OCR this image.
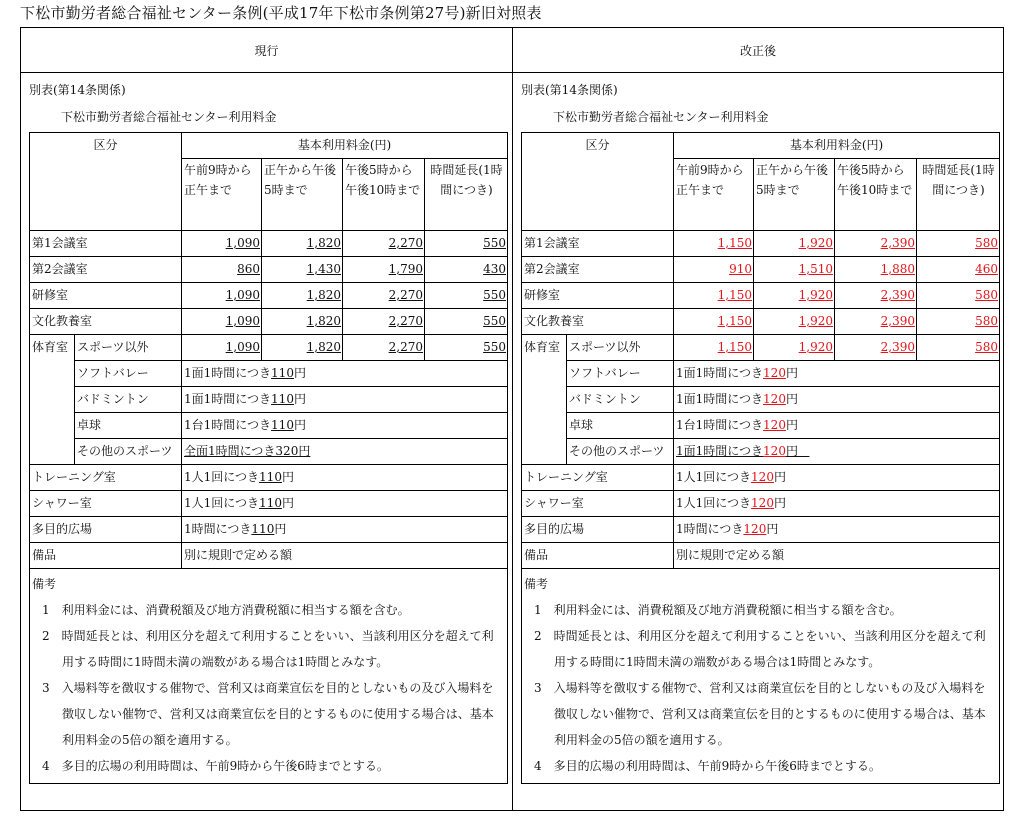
下松市勤労者総合福祉センター条例(平成17年下松市条例第27号)新旧対照表
現行	改正後
別表(第14条関係)
下松市勤労者総合福祉センター利用料金
区分		基本利用料金(円)			
		午前9時から正午まで	正午から午後5時まで	午後5時から午後10時まで	時間延長(1時間につき)
第1会議室		1,090	1,820	2,270	550
第2会議室		860	1,430	1,790	430
研修室		1,090	1,820	2,270	550
文化教養室		1,090	1,820	2,270	550
体育室	スポーツ以外	1,090	1,820	2,270	550
	ソフトバレー	1面1時間につき110円			
	バドミントン	1面1時間につき110円			
	卓球	1台1時間につき110円			
	その他のスポーツ	全面1時間につき320円			
トレーニング室		1人1回につき110円			
シャワー室		1人1回につき110円			
多目的広場		1時間につき110円			
備品		別に規則で定める額			

備考
1　利用料金には、消費税額及び地方消費税額に相当する額を含む。
2　時間延長とは、利用区分を超えて利用することをいい、当該利用区分を超えて利用する時間に1時間未満の端数がある場合は1時間とみなす。
3　入場料等を徴収する催物で、営利又は商業宣伝を目的としないもの及び入場料を徴収しない催物で、営利又は商業宣伝を目的とするものに使用する場合は、基本利用料金の5倍の額を適用する。
4　多目的広場の利用時間は、午前9時から午後6時までとする。					
別表(第14条関係)
下松市勤労者総合福祉センター利用料金
区分		基本利用料金(円)			
		午前9時から正午まで	正午から午後5時まで	午後5時から午後10時まで	時間延長(1時間につき)
第1会議室		1,150	1,920	2,390	580
第2会議室		910	1,510	1,880	460
研修室		1,150	1,920	2,390	580
文化教養室		1,150	1,920	2,390	580
体育室	スポーツ以外	1,150	1,920	2,390	580
	ソフトバレー	1面1時間につき120円			
	バドミントン	1面1時間につき120円			
	卓球	1台1時間につき120円			
	その他のスポーツ	1面1時間につき120円			
トレーニング室		1人1回につき120円			
シャワー室		1人1回につき120円			
多目的広場		1時間につき120円			
備品		別に規則で定める額			

備考
1　利用料金には、消費税額及び地方消費税額に相当する額を含む。
2　時間延長とは、利用区分を超えて利用することをいい、当該利用区分を超えて利用する時間に1時間未満の端数がある場合は1時間とみなす。
3　入場料等を徴収する催物で、営利又は商業宣伝を目的としないもの及び入場料を徴収しない催物で、営利又は商業宣伝を目的とするものに使用する場合は、基本利用料金の5倍の額を適用する。
4　多目的広場の利用時間は、午前9時から午後6時までとする。					
